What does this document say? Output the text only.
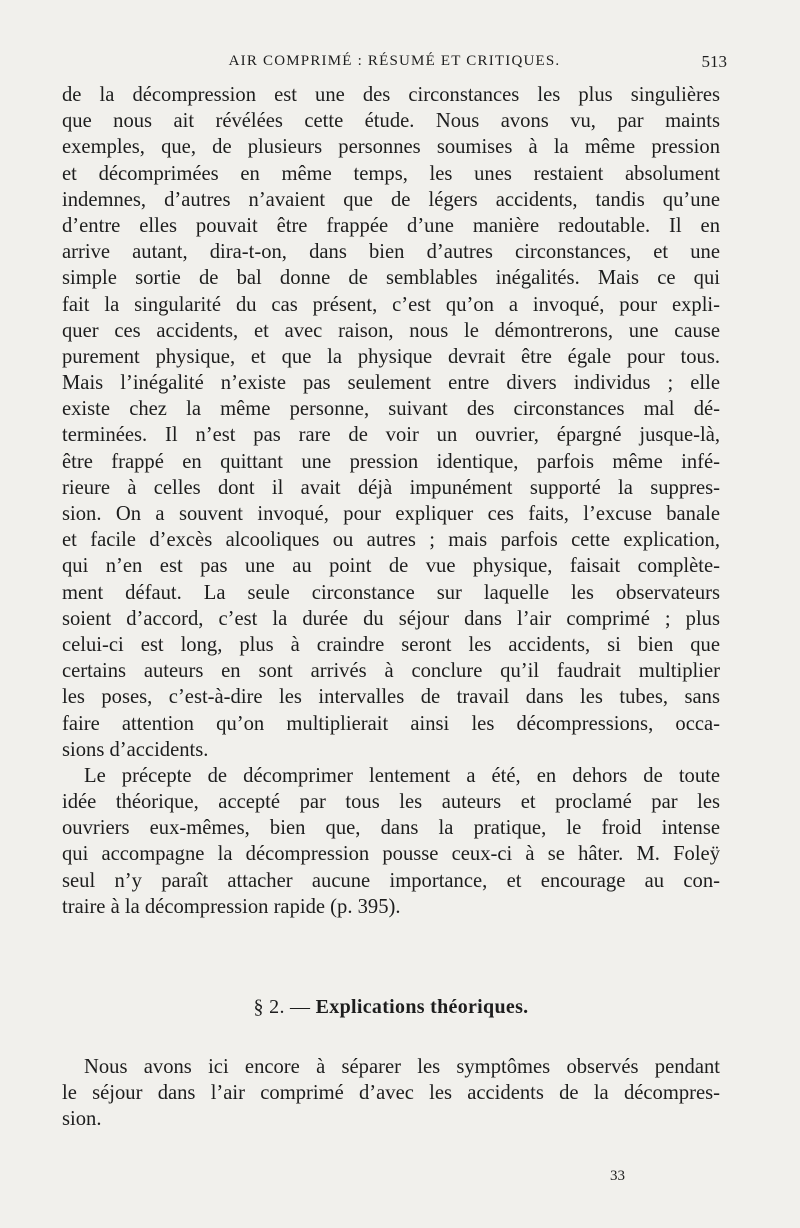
AIR COMPRIMÉ : RÉSUMÉ ET CRITIQUES.	513
de la décompression est une des circonstances les plus singulières
que nous ait révélées cette étude. Nous avons vu, par maints
exemples, que, de plusieurs personnes soumises à la même pression
et décomprimées en même temps, les unes restaient absolument
indemnes, d’autres n’avaient que de légers accidents, tandis qu’une
d’entre elles pouvait être frappée d’une manière redoutable. Il en
arrive autant, dira-t-on, dans bien d’autres circonstances, et une
simple sortie de bal donne de semblables inégalités. Mais ce qui
fait la singularité du cas présent, c’est qu’on a invoqué, pour expli-
quer ces accidents, et avec raison, nous le démontrerons, une cause
purement physique, et que la physique devrait être égale pour tous.
Mais l’inégalité n’existe pas seulement entre divers individus ; elle
existe chez la même personne, suivant des circonstances mal dé-
terminées. Il n’est pas rare de voir un ouvrier, épargné jusque-là,
être frappé en quittant une pression identique, parfois même infé-
rieure à celles dont il avait déjà impunément supporté la suppres-
sion. On a souvent invoqué, pour expliquer ces faits, l’excuse banale
et facile d’excès alcooliques ou autres ; mais parfois cette explication,
qui n’en est pas une au point de vue physique, faisait complète-
ment défaut. La seule circonstance sur laquelle les observateurs
soient d’accord, c’est la durée du séjour dans l’air comprimé ; plus
celui-ci est long, plus à craindre seront les accidents, si bien que
certains auteurs en sont arrivés à conclure qu’il faudrait multiplier
les poses, c’est-à-dire les intervalles de travail dans les tubes, sans
faire attention qu’on multiplierait ainsi les décompressions, occa-
sions d’accidents.
Le précepte de décomprimer lentement a été, en dehors de toute
idée théorique, accepté par tous les auteurs et proclamé par les
ouvriers eux-mêmes, bien que, dans la pratique, le froid intense
qui accompagne la décompression pousse ceux-ci à se hâter. M. Foleÿ
seul n’y paraît attacher aucune importance, et encourage au con-
traire à la décompression rapide (p. 395).
§ 2. — Explications théoriques.
Nous avons ici encore à séparer les symptômes observés pendant
le séjour dans l’air comprimé d’avec les accidents de la décompres-
sion.
33
